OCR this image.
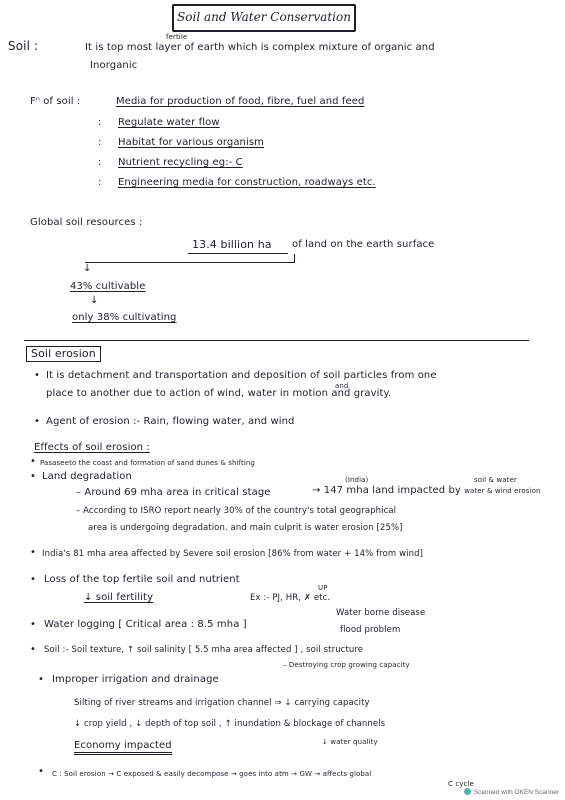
Soil and Water Conservation
Soil :	It is top most layer of earth which is complex mixture of organic and
fertile
Inorganic
Fⁿ of soil :	Media for production of food, fibre, fuel and feed
: Regulate water flow
: Habitat for various organism
: Nutrient recycling eg:- C
: Engineering media for construction, roadways etc.
Global soil resources :
13.4 billion ha of land on the earth surface
↓
43% cultivable
↓
only 38% cultivating
Soil erosion
• It is detachment and transportation and deposition of soil particles from one
and
place to another due to action of wind, water in motion and gravity.
• Agent of erosion :- Rain, flowing water, and wind
Effects of soil erosion :
• Pasaseeto the coast and formation of sand dunes & shifting
• Land degradation
– Around 69 mha area in critical stage	→ 147 mha land impacted by water & wind erosion
(India)	soil & water
– According to ISRO report nearly 30% of the country's total geographical
area is undergoing degradation. and main culprit is water erosion [25%]
• India's 81 mha area affected by Severe soil erosion [86% from water + 14% from wind]
• Loss of the top fertile soil and nutrient
↓ soil fertility	Ex :- PJ, HR, ✗ etc.
UP
• Water logging [ Critical area : 8.5 mha ]
Water borne disease
flood problem
• Soil :- Soil texture, ↑ soil salinity [ 5.5 mha area affected ] , soil structure
– Destroying crop growing capacity
• Improper irrigation and drainage
Silting of river streams and irrigation channel ⇒ ↓ carrying capacity
↓ crop yield , ↓ depth of top soil , ↑ inundation & blockage of channels
↓ water quality
Economy impacted
• C : Soil erosion → C exposed & easily decompose → goes into atm → GW → affects global
C cycle
Scanned with OKEN Scanner
